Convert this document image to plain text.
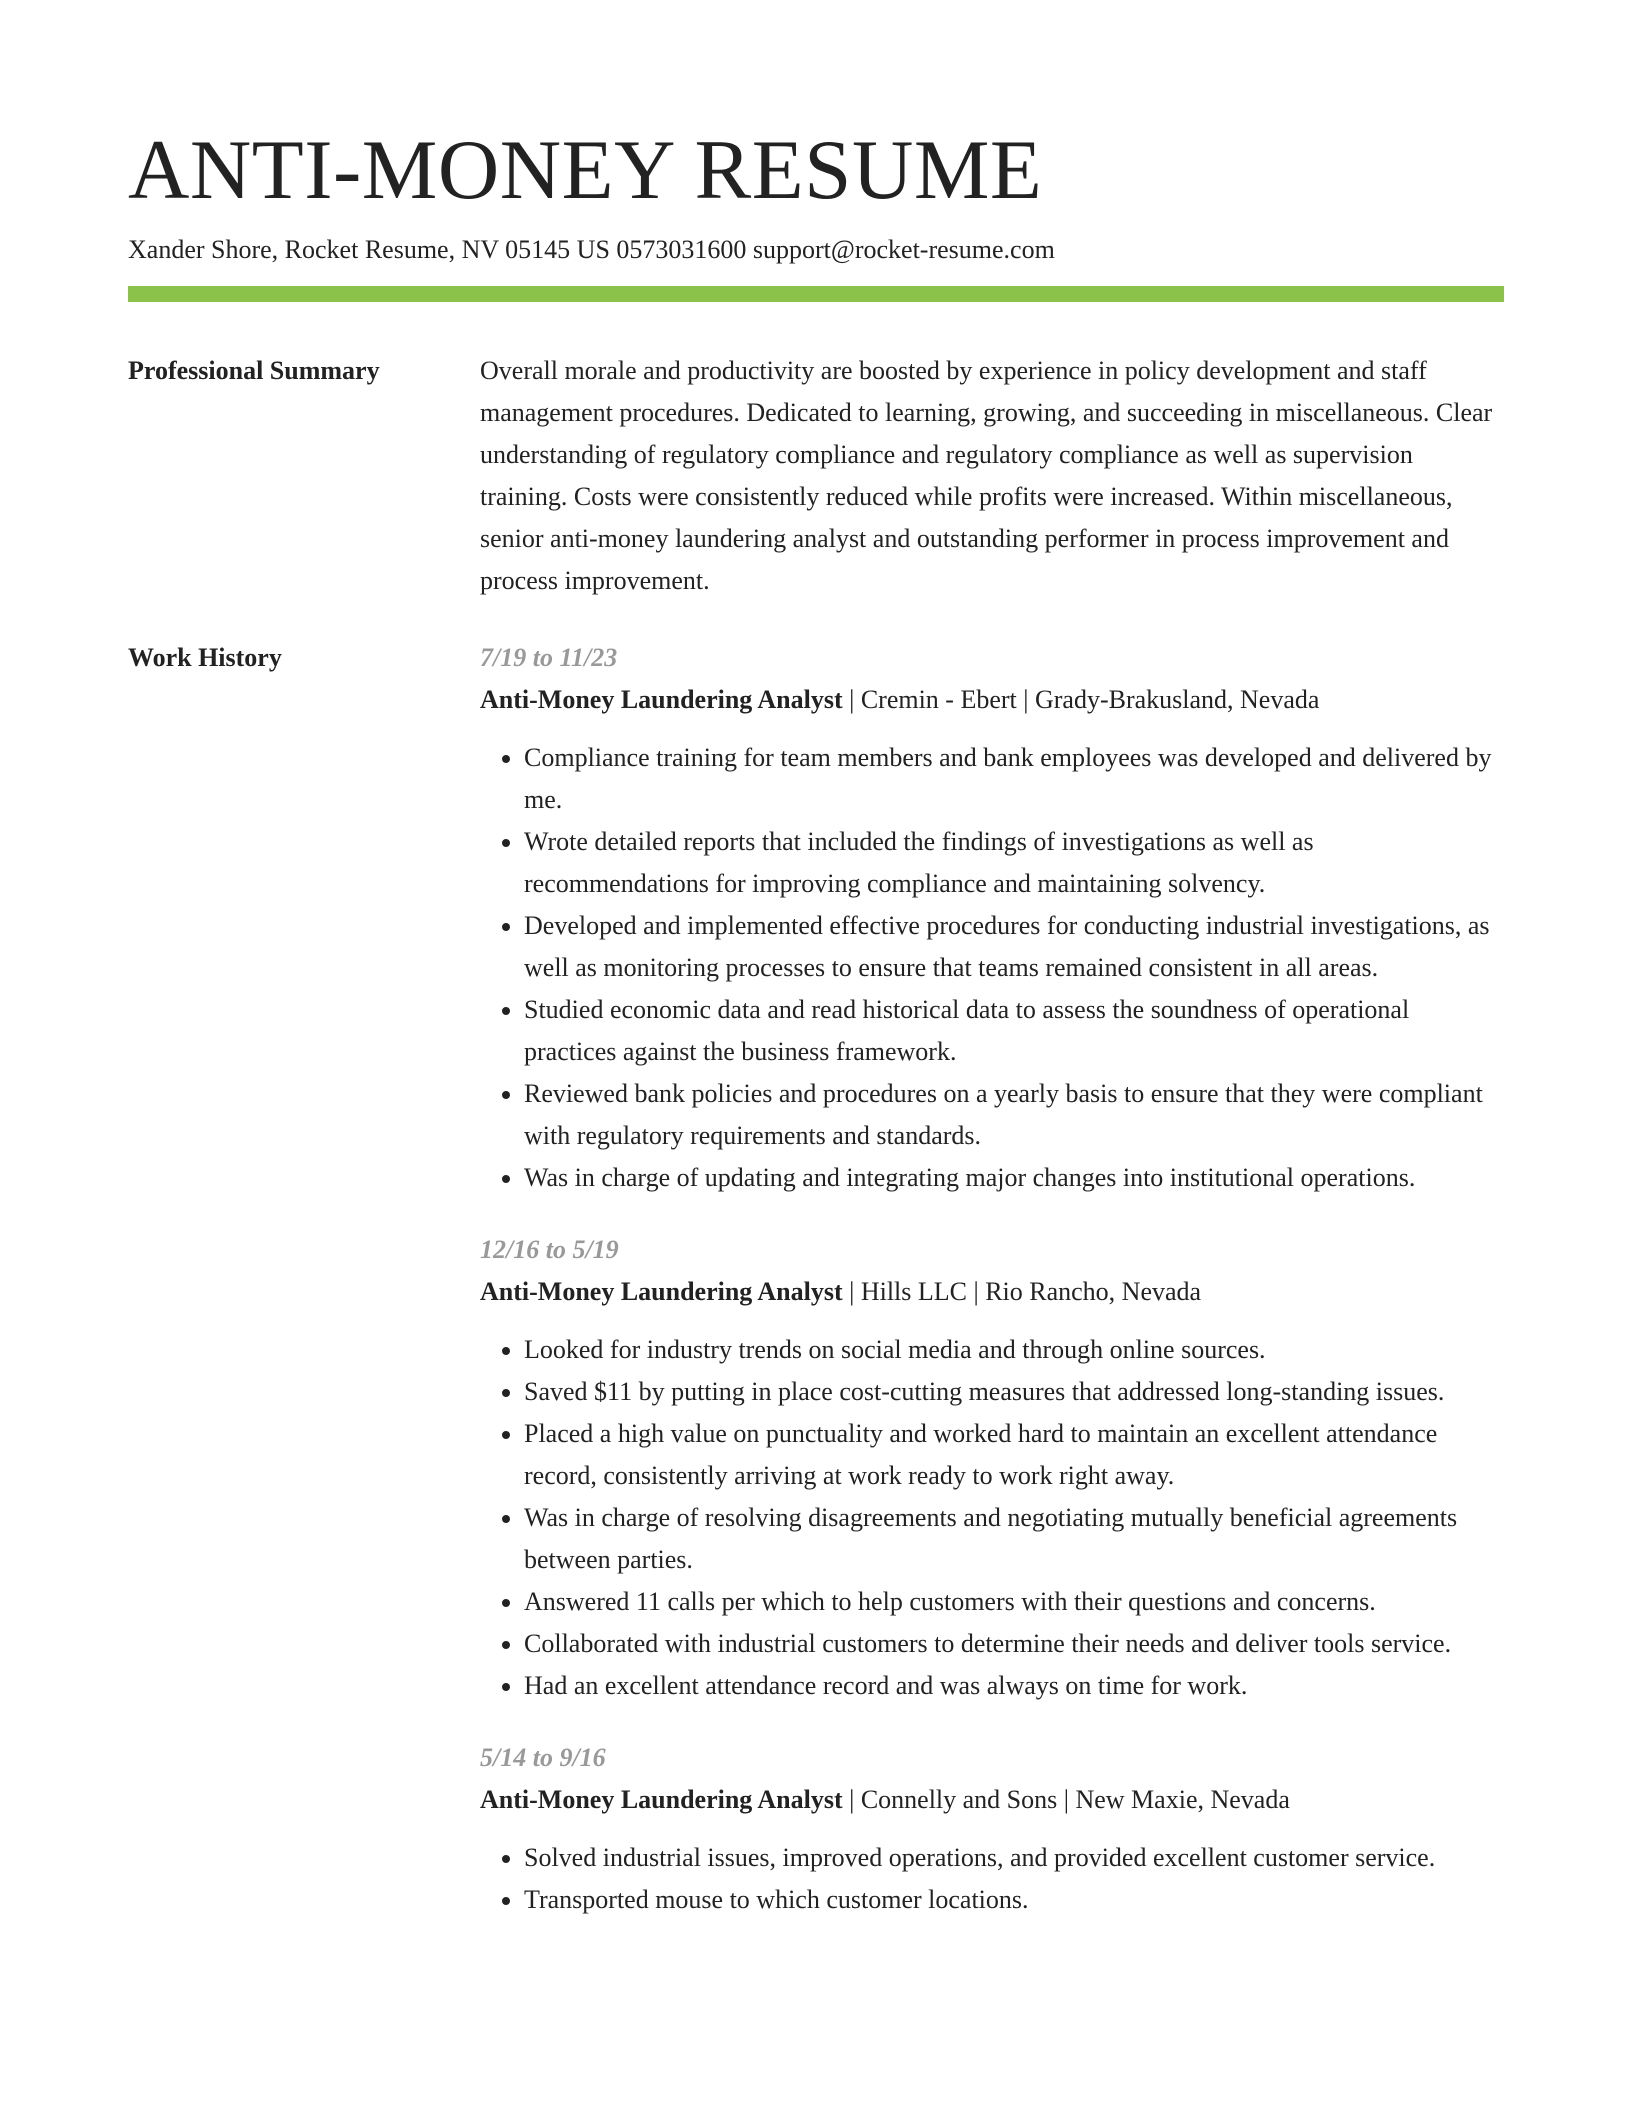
ANTI-MONEY RESUME
Xander Shore, Rocket Resume, NV 05145 US 0573031600 support@rocket-resume.com
Professional Summary	Overall morale and productivity are boosted by experience in policy development and staff management procedures. Dedicated to learning, growing, and succeeding in miscellaneous. Clear understanding of regulatory compliance and regulatory compliance as well as supervision training. Costs were consistently reduced while profits were increased. Within miscellaneous, senior anti-money laundering analyst and outstanding performer in process improvement and process improvement.
Work History	7/19 to 11/23
Anti-Money Laundering Analyst | Cremin - Ebert | Grady-Brakusland, Nevada
• Compliance training for team members and bank employees was developed and delivered by me.
• Wrote detailed reports that included the findings of investigations as well as recommendations for improving compliance and maintaining solvency.
• Developed and implemented effective procedures for conducting industrial investigations, as well as monitoring processes to ensure that teams remained consistent in all areas.
• Studied economic data and read historical data to assess the soundness of operational practices against the business framework.
• Reviewed bank policies and procedures on a yearly basis to ensure that they were compliant with regulatory requirements and standards.
• Was in charge of updating and integrating major changes into institutional operations.
12/16 to 5/19
Anti-Money Laundering Analyst | Hills LLC | Rio Rancho, Nevada
• Looked for industry trends on social media and through online sources.
• Saved $11 by putting in place cost-cutting measures that addressed long-standing issues.
• Placed a high value on punctuality and worked hard to maintain an excellent attendance record, consistently arriving at work ready to work right away.
• Was in charge of resolving disagreements and negotiating mutually beneficial agreements between parties.
• Answered 11 calls per which to help customers with their questions and concerns.
• Collaborated with industrial customers to determine their needs and deliver tools service.
• Had an excellent attendance record and was always on time for work.
5/14 to 9/16
Anti-Money Laundering Analyst | Connelly and Sons | New Maxie, Nevada
• Solved industrial issues, improved operations, and provided excellent customer service.
• Transported mouse to which customer locations.
